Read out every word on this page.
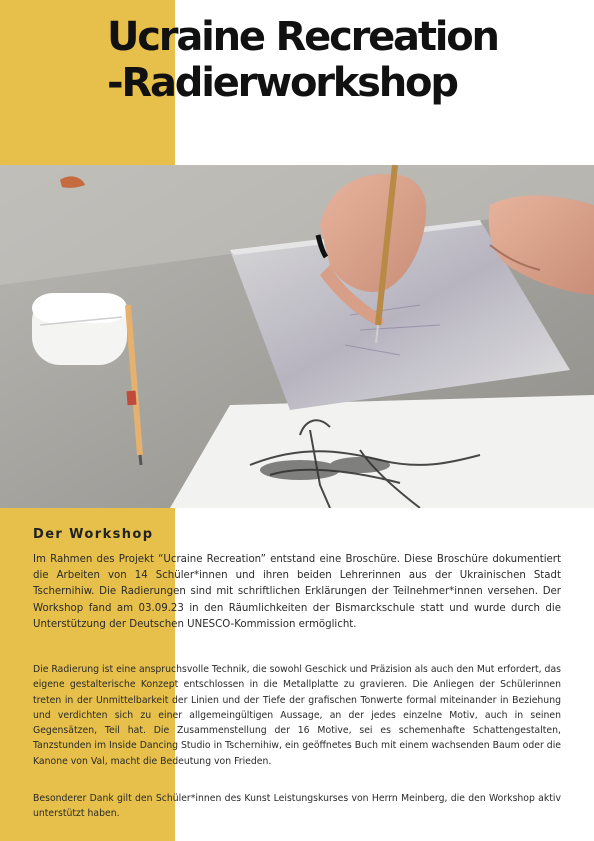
Ucraine Recreation
-Radierworkshop
Der Workshop

Im Rahmen des Projekt “Ucraine Recreation” entstand eine Broschüre. Diese Broschüre dokumentiert die Arbeiten von 14 Schüler*innen und ihren beiden Lehrerinnen aus der Ukrainischen Stadt Tschernihiw. Die Radierungen sind mit schriftlichen Erklärungen der Teilnehmer*innen versehen. Der Workshop fand am 03.09.23 in den Räumlichkeiten der Bismarckschule statt und wurde durch die Unterstützung der Deutschen UNESCO-Kommission ermöglicht.

Die Radierung ist eine anspruchsvolle Technik, die sowohl Geschick und Präzision als auch den Mut erfordert, das eigene gestalterische Konzept entschlossen in die Metallplatte zu gravieren. Die Anliegen der Schülerinnen treten in der Unmittelbarkeit der Linien und der Tiefe der grafischen Tonwerte formal miteinander in Beziehung und verdichten sich zu einer allgemeingültigen Aussage, an der jedes einzelne Motiv, auch in seinen Gegensätzen, Teil hat. Die Zusammenstellung der 16 Motive, sei es schemenhafte Schattengestalten, Tanzstunden im Inside Dancing Studio in Tschernihiw, ein geöffnetes Buch mit einem wachsenden Baum oder die Kanone von Val, macht die Bedeutung von Frieden.

Besonderer Dank gilt den Schüler*innen des Kunst Leistungskurses von Herrn Meinberg, die den Workshop aktiv unterstützt haben.
